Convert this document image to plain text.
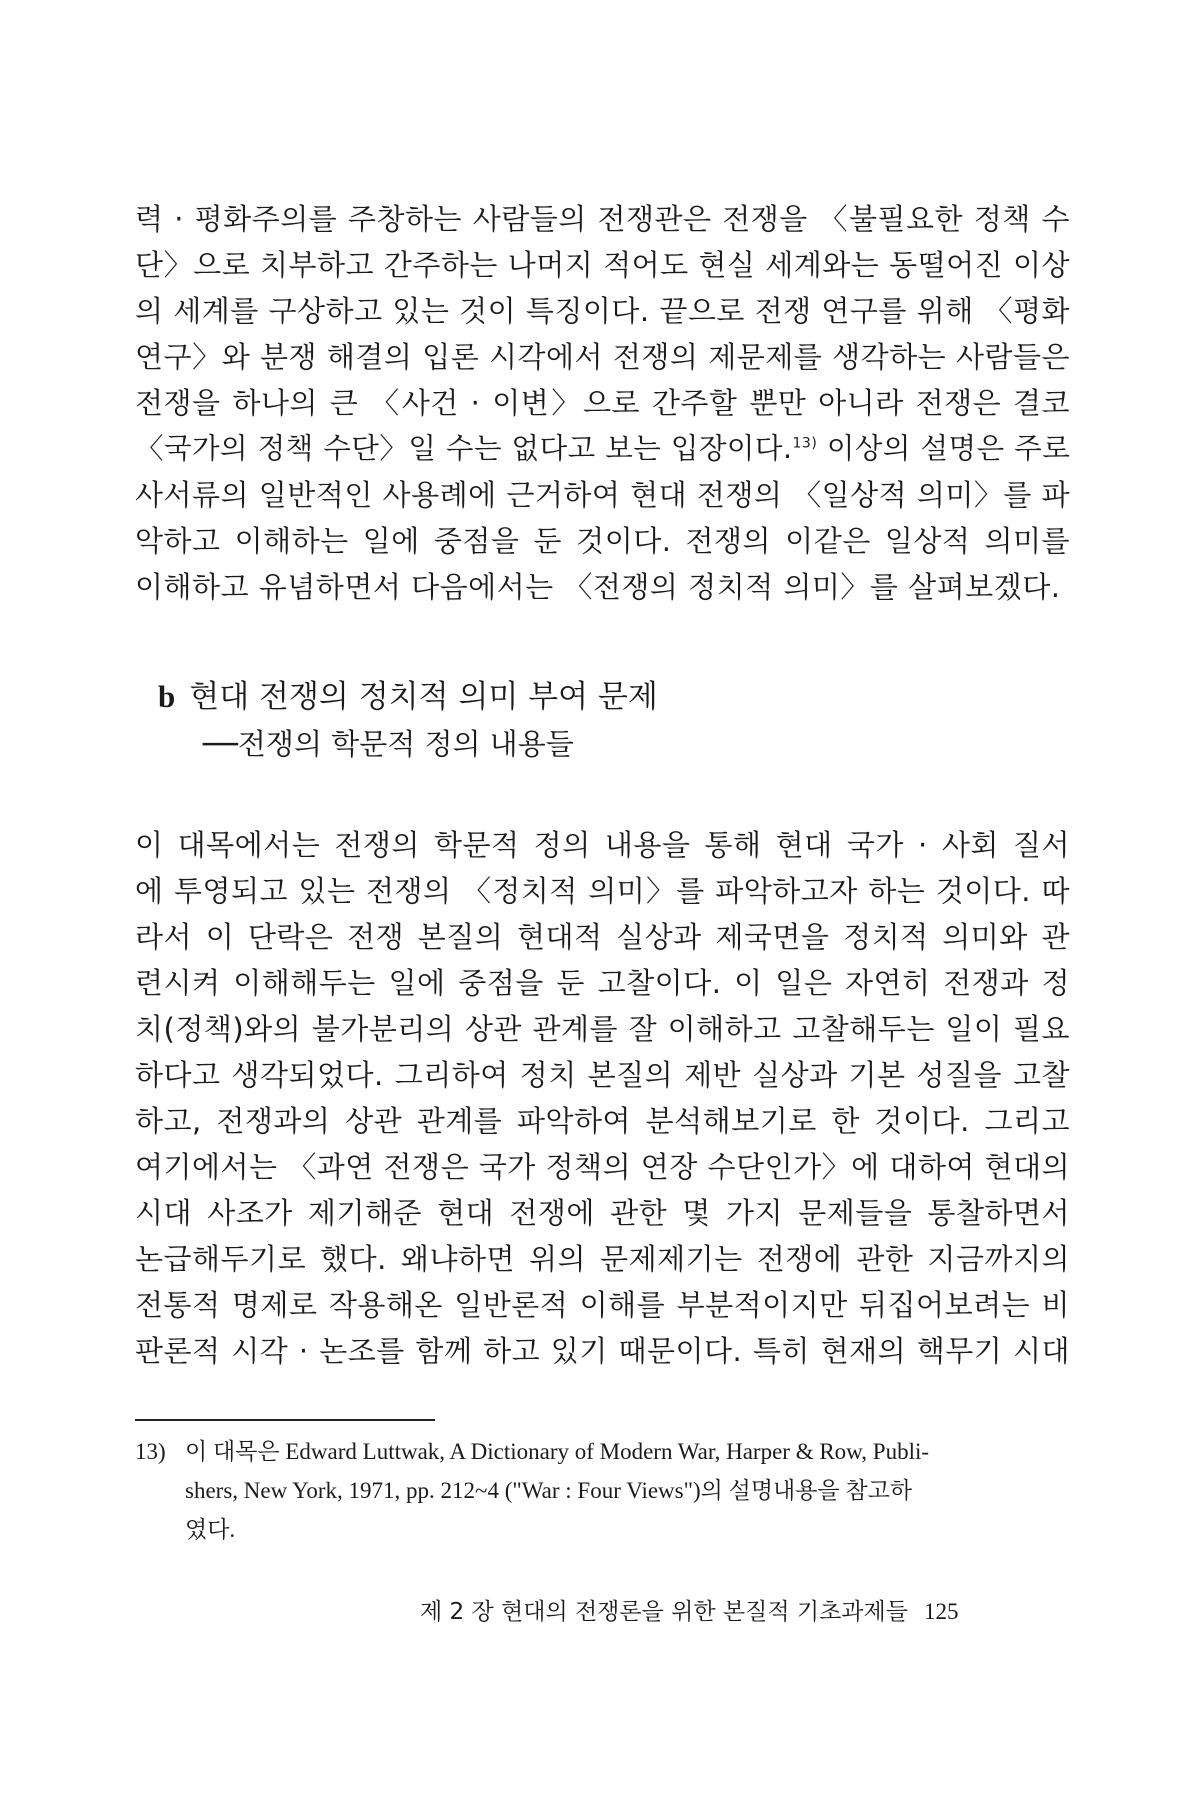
력 · 평화주의를 주창하는 사람들의 전쟁관은 전쟁을 〈불필요한 정책 수
단〉으로 치부하고 간주하는 나머지 적어도 현실 세계와는 동떨어진 이상
의 세계를 구상하고 있는 것이 특징이다. 끝으로 전쟁 연구를 위해 〈평화
연구〉와 분쟁 해결의 입론 시각에서 전쟁의 제문제를 생각하는 사람들은
전쟁을 하나의 큰 〈사건 · 이변〉으로 간주할 뿐만 아니라 전쟁은 결코
〈국가의 정책 수단〉일 수는 없다고 보는 입장이다.$^{13)}$ 이상의 설명은 주로
사서류의 일반적인 사용례에 근거하여 현대 전쟁의 〈일상적 의미〉를 파
악하고 이해하는 일에 중점을 둔 것이다. 전쟁의 이같은 일상적 의미를
이해하고 유념하면서 다음에서는 〈전쟁의 정치적 의미〉를 살펴보겠다.
b 현대 전쟁의 정치적 의미 부여 문제
──전쟁의 학문적 정의 내용들
이 대목에서는 전쟁의 학문적 정의 내용을 통해 현대 국가 · 사회 질서
에 투영되고 있는 전쟁의 〈정치적 의미〉를 파악하고자 하는 것이다. 따
라서 이 단락은 전쟁 본질의 현대적 실상과 제국면을 정치적 의미와 관
련시켜 이해해두는 일에 중점을 둔 고찰이다. 이 일은 자연히 전쟁과 정
치(정책)와의 불가분리의 상관 관계를 잘 이해하고 고찰해두는 일이 필요
하다고 생각되었다. 그리하여 정치 본질의 제반 실상과 기본 성질을 고찰
하고, 전쟁과의 상관 관계를 파악하여 분석해보기로 한 것이다. 그리고
여기에서는 〈과연 전쟁은 국가 정책의 연장 수단인가〉에 대하여 현대의
시대 사조가 제기해준 현대 전쟁에 관한 몇 가지 문제들을 통찰하면서
논급해두기로 했다. 왜냐하면 위의 문제제기는 전쟁에 관한 지금까지의
전통적 명제로 작용해온 일반론적 이해를 부분적이지만 뒤집어보려는 비
판론적 시각 · 논조를 함께 하고 있기 때문이다. 특히 현재의 핵무기 시대
13) 이 대목은 Edward Luttwak, A Dictionary of Modern War, Harper & Row, Publi-
shers, New York, 1971, pp. 212~4 ("War : Four Views")의 설명내용을 참고하
였다.
제 2 장 현대의 전쟁론을 위한 본질적 기초과제들 125
